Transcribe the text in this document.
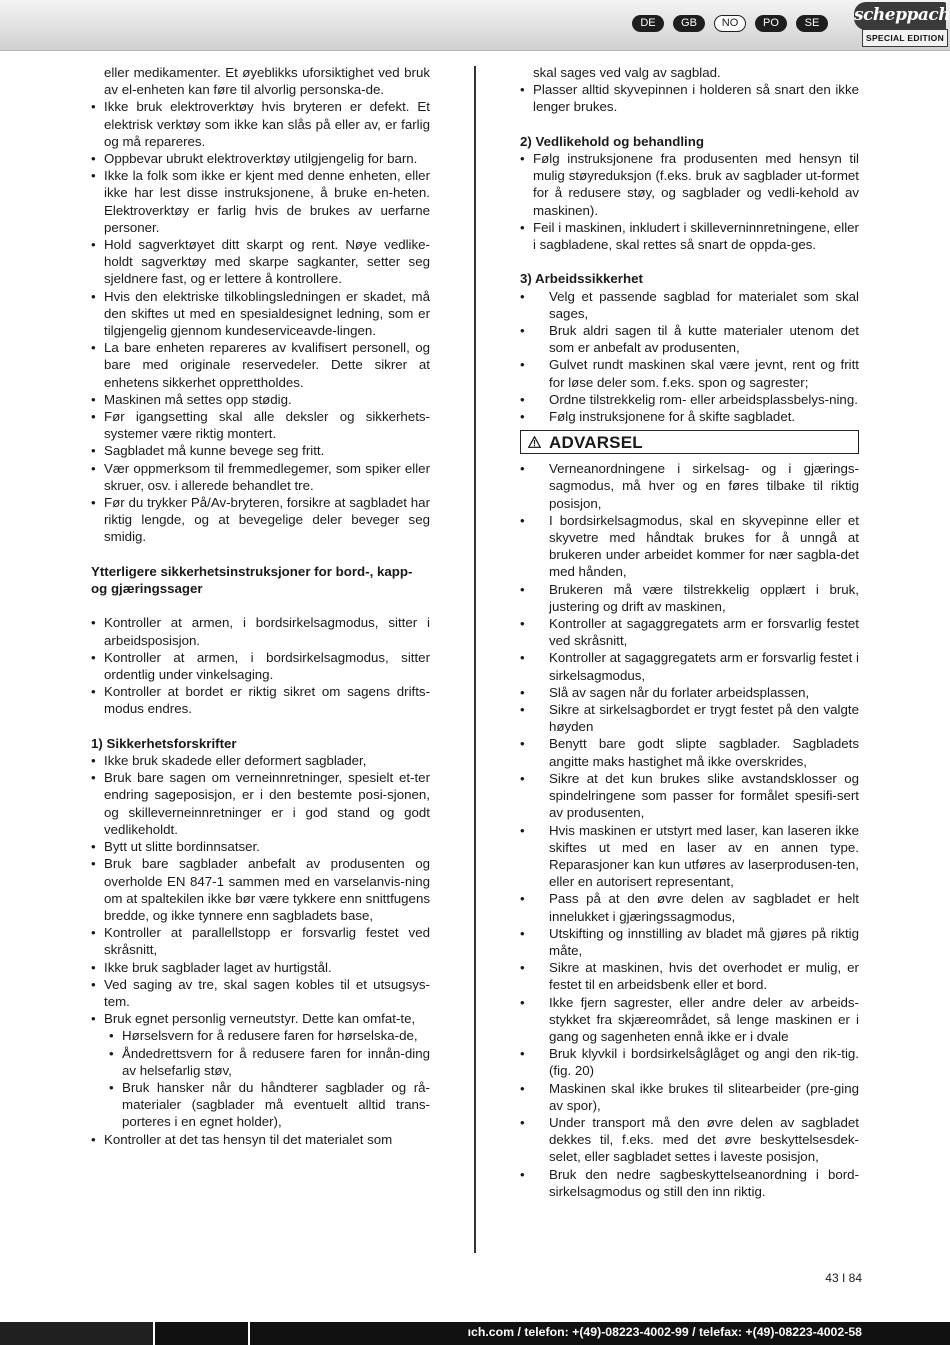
DE	GB	NO	PO	SE	scheppach
SPECIAL EDITION

eller medikamenter. Et øyeblikks uforsiktighet ved bruk av el-enheten kan føre til alvorlig personska-de.

• Ikke bruk elektroverktøy hvis bryteren er defekt. Et elektrisk verktøy som ikke kan slås på eller av, er farlig og må repareres.

• Oppbevar ubrukt elektroverktøy utilgjengelig for barn.

• Ikke la folk som ikke er kjent med denne enheten, eller ikke har lest disse instruksjonene, å bruke en-heten. Elektroverktøy er farlig hvis de brukes av uerfarne personer.

• Hold sagverktøyet ditt skarpt og rent. Nøye vedlike-holdt sagverktøy med skarpe sagkanter, setter seg sjeldnere fast, og er lettere å kontrollere.

• Hvis den elektriske tilkoblingsledningen er skadet, må den skiftes ut med en spesialdesignet ledning, som er tilgjengelig gjennom kundeserviceavde-lingen.

• La bare enheten repareres av kvalifisert personell, og bare med originale reservedeler. Dette sikrer at enhetens sikkerhet opprettholdes.

• Maskinen må settes opp stødig.

• Før igangsetting skal alle deksler og sikkerhets-systemer være riktig montert.

• Sagbladet må kunne bevege seg fritt.

• Vær oppmerksom til fremmedlegemer, som spiker eller skruer, osv. i allerede behandlet tre.

• Før du trykker På/Av-bryteren, forsikre at sagbladet har riktig lengde, og at bevegelige deler beveger seg smidig.

Ytterligere sikkerhetsinstruksjoner for bord-, kapp- og gjæringssager

• Kontroller at armen, i bordsirkelsagmodus, sitter i arbeidsposisjon.

• Kontroller at armen, i bordsirkelsagmodus, sitter ordentlig under vinkelsaging.

• Kontroller at bordet er riktig sikret om sagens drifts-modus endres.

1) Sikkerhetsforskrifter

• Ikke bruk skadede eller deformert sagblader,

• Bruk bare sagen om verneinnretninger, spesielt et-ter endring sageposisjon, er i den bestemte posi-sjonen, og skilleverneinnretninger er i god stand og godt vedlikeholdt.

• Bytt ut slitte bordinnsatser.

• Bruk bare sagblader anbefalt av produsenten og overholde EN 847-1 sammen med en varselanvis-ning om at spaltekilen ikke bør være tykkere enn snittfugens bredde, og ikke tynnere enn sagbladets base,

• Kontroller at parallellstopp er forsvarlig festet ved skråsnitt,

• Ikke bruk sagblader laget av hurtigstål.

• Ved saging av tre, skal sagen kobles til et utsugsys-tem.

• Bruk egnet personlig verneutstyr. Dette kan omfat-te,

• Hørselsvern for å redusere faren for hørselska-de,

• Åndedrettsvern for å redusere faren for innån-ding av helsefarlig støv,

• Bruk hansker når du håndterer sagblader og rå-materialer (sagblader må eventuelt alltid trans-porteres i en egnet holder),

• Kontroller at det tas hensyn til det materialet som

skal sages ved valg av sagblad.

• Plasser alltid skyvepinnen i holderen så snart den ikke lenger brukes.

2) Vedlikehold og behandling

• Følg instruksjonene fra produsenten med hensyn til mulig støyreduksjon (f.eks. bruk av sagblader ut-formet for å redusere støy, og sagblader og vedli-kehold av maskinen).

• Feil i maskinen, inkludert i skilleverninnretningene, eller i sagbladene, skal rettes så snart de oppda-ges.

3) Arbeidssikkerhet

• Velg et passende sagblad for materialet som skal sages,

• Bruk aldri sagen til å kutte materialer utenom det som er anbefalt av produsenten,

• Gulvet rundt maskinen skal være jevnt, rent og fritt for løse deler som. f.eks. spon og sagrester;

• Ordne tilstrekkelig rom- eller arbeidsplassbelys-ning.

• Følg instruksjonene for å skifte sagbladet.

ADVARSEL

• Verneanordningene i sirkelsag- og i gjærings-sagmodus, må hver og en føres tilbake til riktig posisjon,

• I bordsirkelsagmodus, skal en skyvepinne eller et skyvetre med håndtak brukes for å unngå at brukeren under arbeidet kommer for nær sagbla-det med hånden,

• Brukeren må være tilstrekkelig opplært i bruk, justering og drift av maskinen,

• Kontroller at sagaggregatets arm er forsvarlig festet ved skråsnitt,

• Kontroller at sagaggregatets arm er forsvarlig festet i sirkelsagmodus,

• Slå av sagen når du forlater arbeidsplassen,

• Sikre at sirkelsagbordet er trygt festet på den valgte høyden

• Benytt bare godt slipte sagblader. Sagbladets angitte maks hastighet må ikke overskrides,

• Sikre at det kun brukes slike avstandsklosser og spindelringene som passer for formålet spesifi-sert av produsenten,

• Hvis maskinen er utstyrt med laser, kan laseren ikke skiftes ut med en laser av en annen type. Reparasjoner kan kun utføres av laserprodusen-ten, eller en autorisert representant,

• Pass på at den øvre delen av sagbladet er helt innelukket i gjæringssagmodus,

• Utskifting og innstilling av bladet må gjøres på riktig måte,

• Sikre at maskinen, hvis det overhodet er mulig, er festet til en arbeidsbenk eller et bord.

• Ikke fjern sagrester, eller andre deler av arbeids-stykket fra skjæreområdet, så lenge maskinen er i gang og sagenheten ennå ikke er i dvale

• Bruk klyvkil i bordsirkelsåglåget og angi den rik-tig. (fig. 20)

• Maskinen skal ikke brukes til slitearbeider (pre-ging av spor),

• Under transport må den øvre delen av sagbladet dekkes til, f.eks. med det øvre beskyttelsesdek-selet, eller sagbladet settes i laveste posisjon,

• Bruk den nedre sagbeskyttelseanordning i bord-sirkelsagmodus og still den inn riktig.

43 I 84
ıch.com / telefon: +(49)-08223-4002-99 / telefax: +(49)-08223-4002-58
